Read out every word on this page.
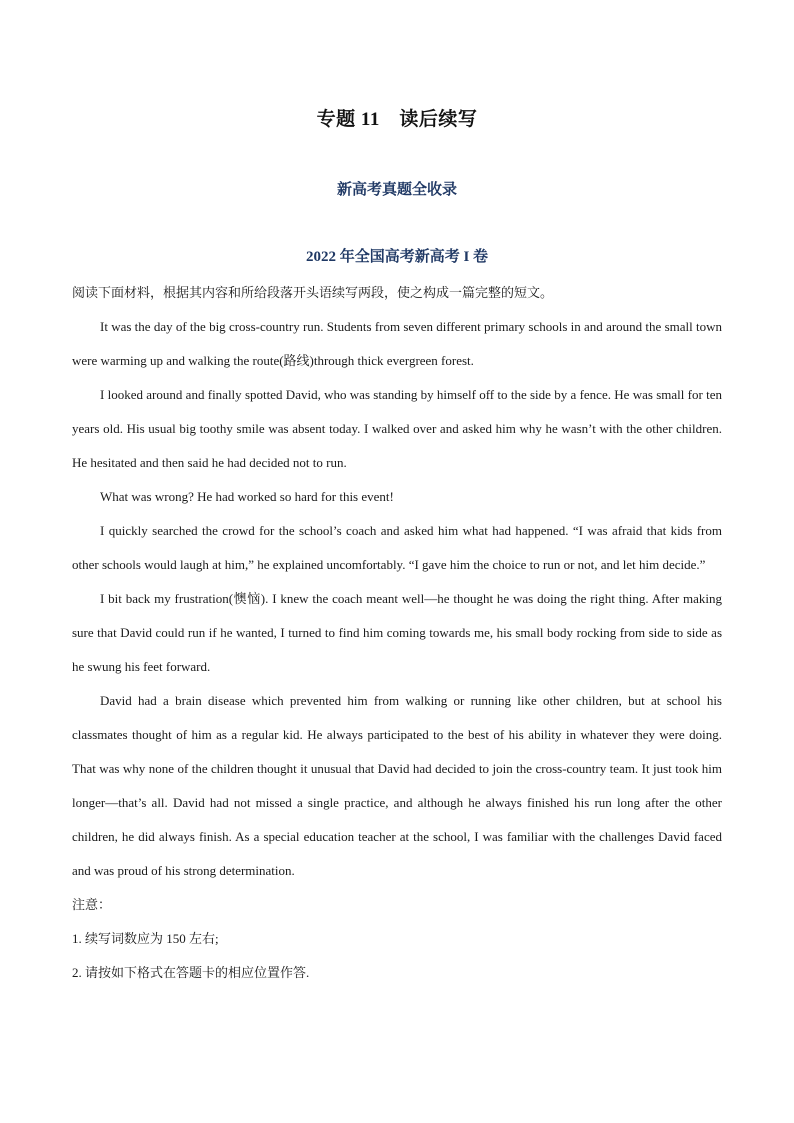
专题 11　读后续写
新高考真题全收录
2022 年全国高考新高考 I 卷

阅读下面材料，根据其内容和所给段落开头语续写两段，使之构成一篇完整的短文。

It was the day of the big cross-country run. Students from seven different primary schools in and around the small town were warming up and walking the route(路线)through thick evergreen forest.

I looked around and finally spotted David, who was standing by himself off to the side by a fence. He was small for ten years old. His usual big toothy smile was absent today. I walked over and asked him why he wasn’t with the other children. He hesitated and then said he had decided not to run.

What was wrong? He had worked so hard for this event!

I quickly searched the crowd for the school’s coach and asked him what had happened. “I was afraid that kids from other schools would laugh at him,” he explained uncomfortably. “I gave him the choice to run or not, and let him decide.”

I bit back my frustration(懊恼). I knew the coach meant well—he thought he was doing the right thing. After making sure that David could run if he wanted, I turned to find him coming towards me, his small body rocking from side to side as he swung his feet forward.

David had a brain disease which prevented him from walking or running like other children, but at school his classmates thought of him as a regular kid. He always participated to the best of his ability in whatever they were doing. That was why none of the children thought it unusual that David had decided to join the cross-country team. It just took him longer—that’s all. David had not missed a single practice, and although he always finished his run long after the other children, he did always finish. As a special education teacher at the school, I was familiar with the challenges David faced and was proud of his strong determination.

注意：

1. 续写词数应为 150 左右;

2. 请按如下格式在答题卡的相应位置作答.
